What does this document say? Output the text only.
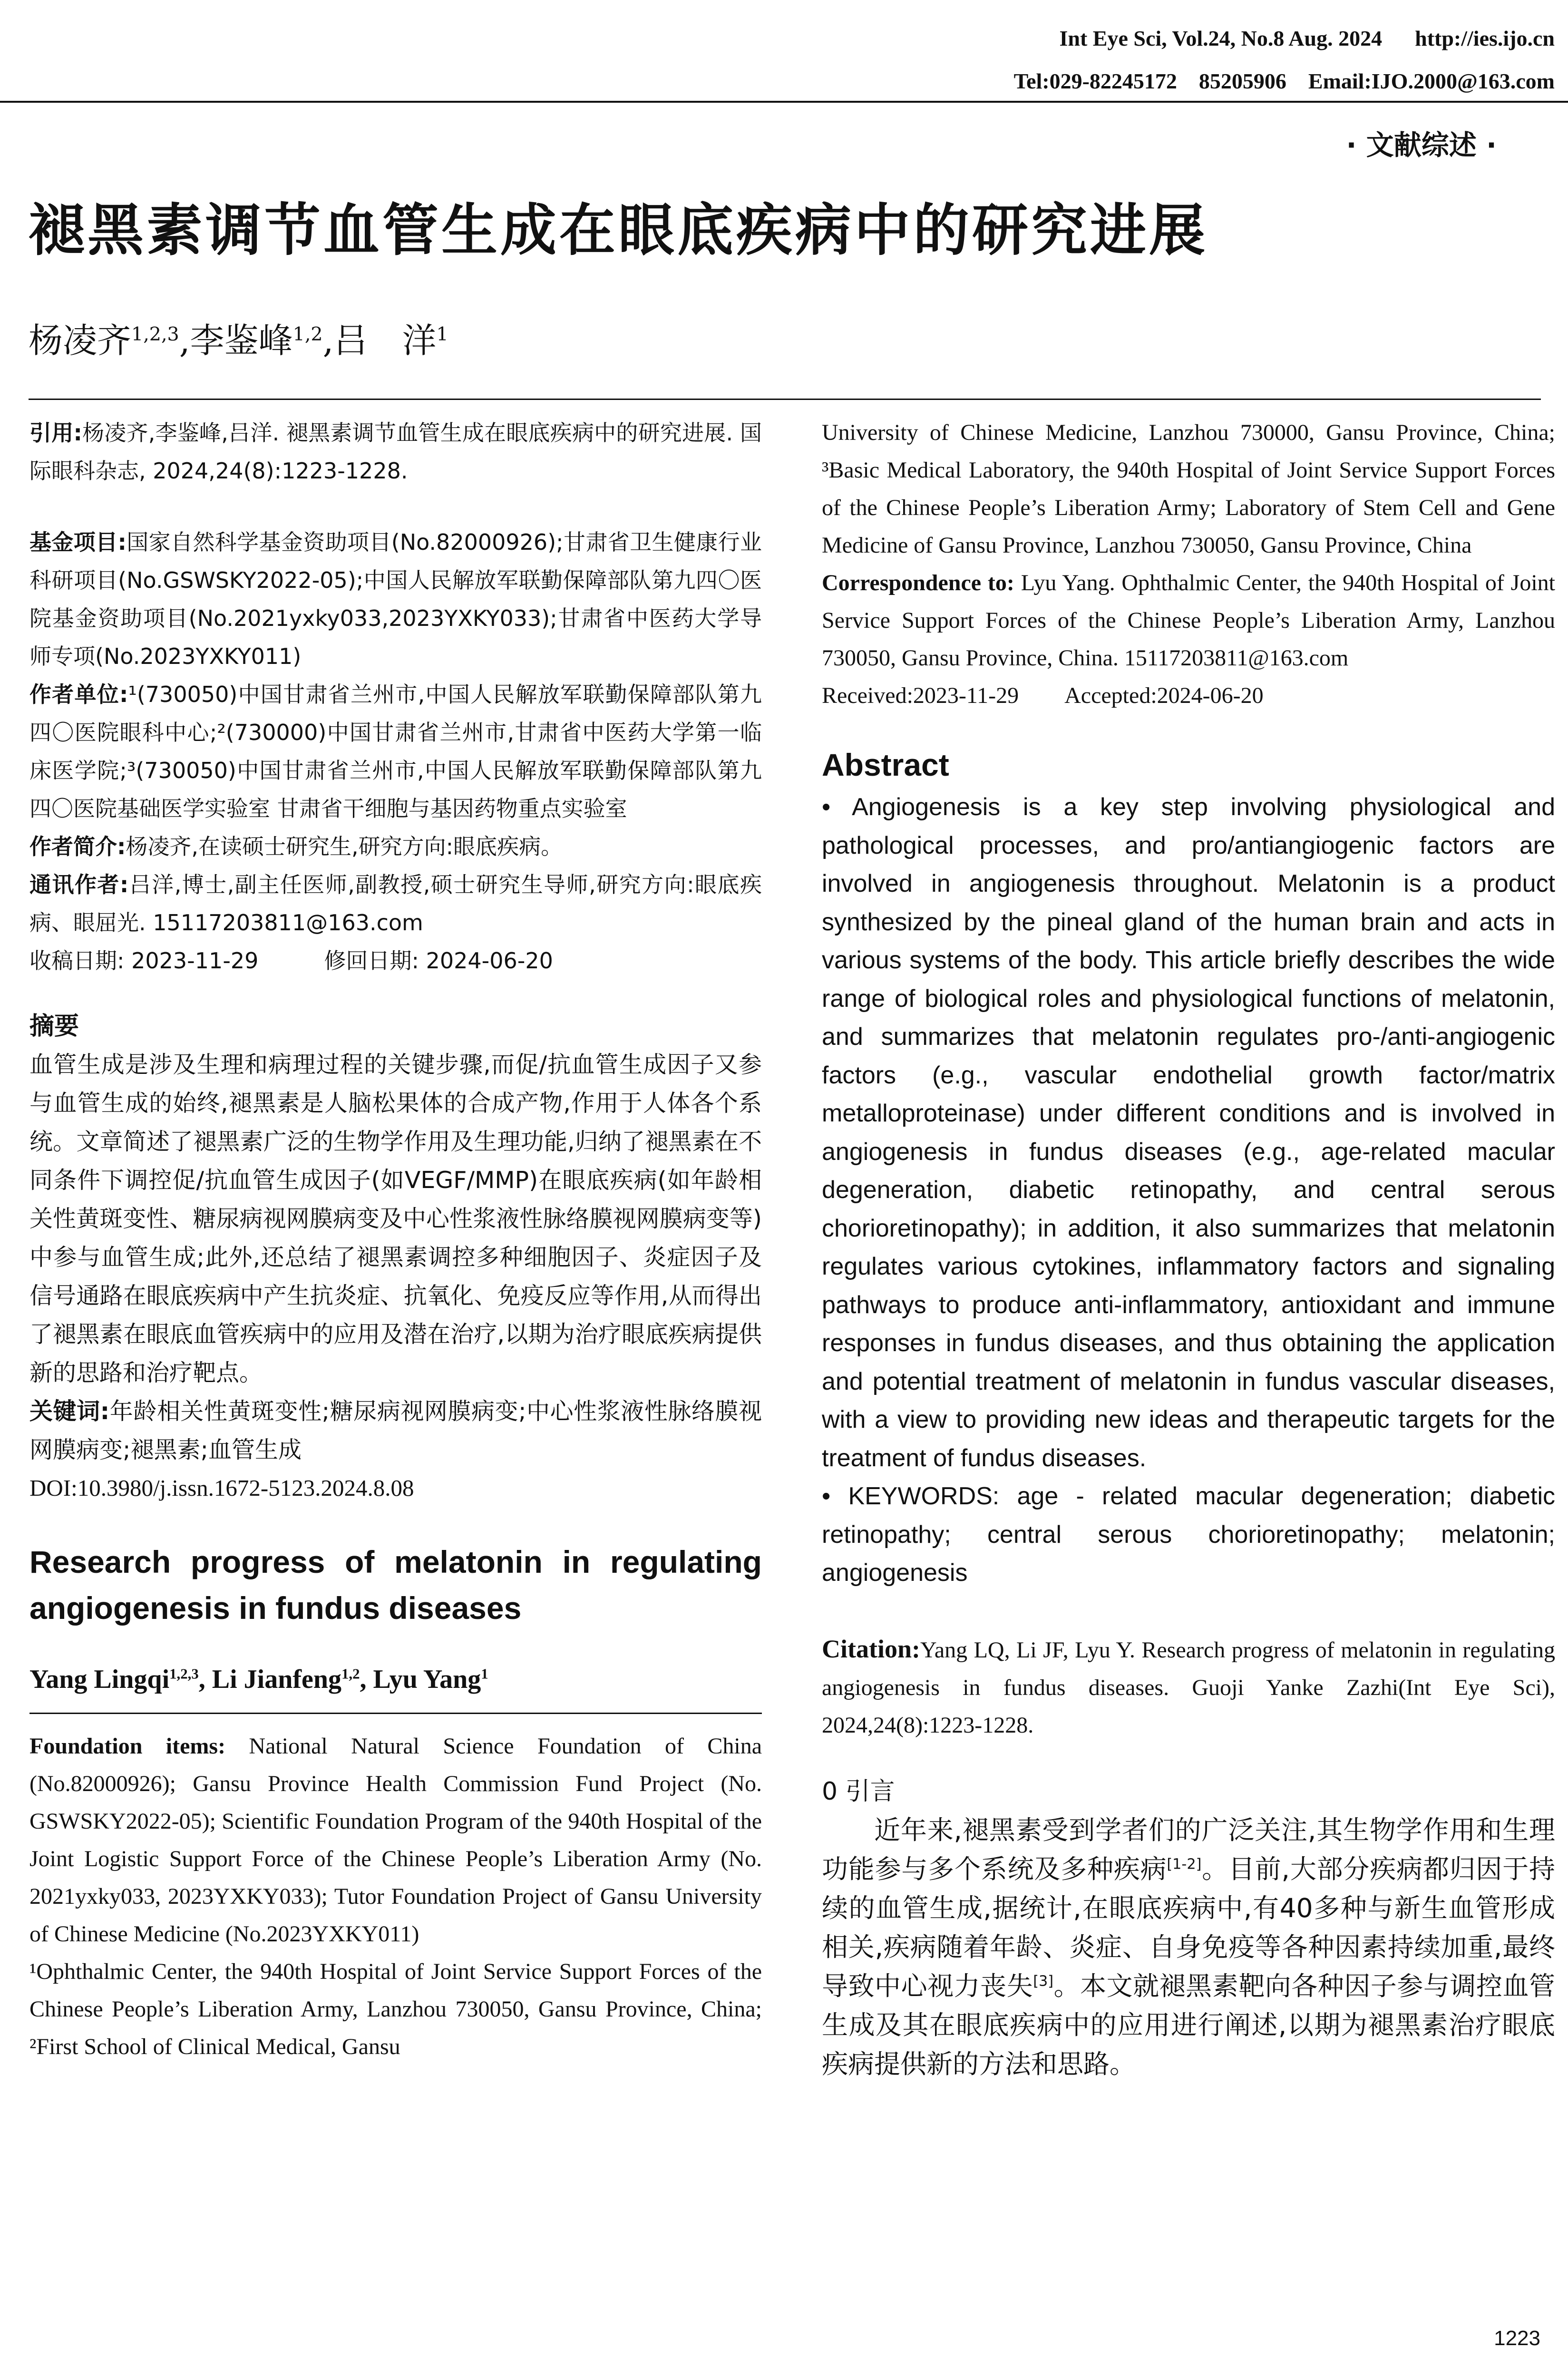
Int Eye Sci, Vol.24, No.8 Aug. 2024      http://ies.ijo.cn
Tel:029-82245172    85205906    Email:IJO.2000@163.com
· 文献综述 ·
褪黑素调节血管生成在眼底疾病中的研究进展
杨凌齐$^{1,2,3}$,李鉴峰$^{1,2}$,吕　洋$^1$

引用:杨凌齐,李鉴峰,吕洋. 褪黑素调节血管生成在眼底疾病中的研究进展. 国际眼科杂志, 2024,24(8):1223-1228.

基金项目:国家自然科学基金资助项目(No.82000926);甘肃省卫生健康行业科研项目(No.GSWSKY2022-05);中国人民解放军联勤保障部队第九四〇医院基金资助项目(No.2021yxky033,2023YXKY033);甘肃省中医药大学导师专项(No.2023YXKY011)

作者单位:¹(730050)中国甘肃省兰州市,中国人民解放军联勤保障部队第九四〇医院眼科中心;²(730000)中国甘肃省兰州市,甘肃省中医药大学第一临床医学院;³(730050)中国甘肃省兰州市,中国人民解放军联勤保障部队第九四〇医院基础医学实验室 甘肃省干细胞与基因药物重点实验室

作者简介:杨凌齐,在读硕士研究生,研究方向:眼底疾病。

通讯作者:吕洋,博士,副主任医师,副教授,硕士研究生导师,研究方向:眼底疾病、眼屈光. 15117203811@163.com

收稿日期: 2023-11-29　　　修回日期: 2024-06-20

摘要

血管生成是涉及生理和病理过程的关键步骤,而促/抗血管生成因子又参与血管生成的始终,褪黑素是人脑松果体的合成产物,作用于人体各个系统。文章简述了褪黑素广泛的生物学作用及生理功能,归纳了褪黑素在不同条件下调控促/抗血管生成因子(如VEGF/MMP)在眼底疾病(如年龄相关性黄斑变性、糖尿病视网膜病变及中心性浆液性脉络膜视网膜病变等)中参与血管生成;此外,还总结了褪黑素调控多种细胞因子、炎症因子及信号通路在眼底疾病中产生抗炎症、抗氧化、免疫反应等作用,从而得出了褪黑素在眼底血管疾病中的应用及潜在治疗,以期为治疗眼底疾病提供新的思路和治疗靶点。

关键词:年龄相关性黄斑变性;糖尿病视网膜病变;中心性浆液性脉络膜视网膜病变;褪黑素;血管生成

DOI:10.3980/j.issn.1672-5123.2024.8.08

Research progress of melatonin in regulating angiogenesis in fundus diseases

Yang Lingqi$^{1,2,3}$, Li Jianfeng$^{1,2}$, Lyu Yang$^1$

Foundation items: National Natural Science Foundation of China (No.82000926); Gansu Province Health Commission Fund Project (No. GSWSKY2022-05); Scientific Foundation Program of the 940th Hospital of the Joint Logistic Support Force of the Chinese People’s Liberation Army (No. 2021yxky033, 2023YXKY033); Tutor Foundation Project of Gansu University of Chinese Medicine (No.2023YXKY011)

¹Ophthalmic Center, the 940th Hospital of Joint Service Support Forces of the Chinese People’s Liberation Army, Lanzhou 730050, Gansu Province, China; ²First School of Clinical Medical, Gansu

University of Chinese Medicine, Lanzhou 730000, Gansu Province, China; ³Basic Medical Laboratory, the 940th Hospital of Joint Service Support Forces of the Chinese People’s Liberation Army; Laboratory of Stem Cell and Gene Medicine of Gansu Province, Lanzhou 730050, Gansu Province, China

Correspondence to: Lyu Yang. Ophthalmic Center, the 940th Hospital of Joint Service Support Forces of the Chinese People’s Liberation Army, Lanzhou 730050, Gansu Province, China. 15117203811@163.com

Received:2023-11-29　　Accepted:2024-06-20

Abstract

• Angiogenesis is a key step involving physiological and pathological processes, and pro/antiangiogenic factors are involved in angiogenesis throughout. Melatonin is a product synthesized by the pineal gland of the human brain and acts in various systems of the body. This article briefly describes the wide range of biological roles and physiological functions of melatonin, and summarizes that melatonin regulates pro-/anti-angiogenic factors (e.g., vascular endothelial growth factor/matrix metalloproteinase) under different conditions and is involved in angiogenesis in fundus diseases (e.g., age-related macular degeneration, diabetic retinopathy, and central serous chorioretinopathy); in addition, it also summarizes that melatonin regulates various cytokines, inflammatory factors and signaling pathways to produce anti-inflammatory, antioxidant and immune responses in fundus diseases, and thus obtaining the application and potential treatment of melatonin in fundus vascular diseases, with a view to providing new ideas and therapeutic targets for the treatment of fundus diseases.

• KEYWORDS: age - related macular degeneration; diabetic retinopathy; central serous chorioretinopathy; melatonin; angiogenesis

Citation:Yang LQ, Li JF, Lyu Y. Research progress of melatonin in regulating angiogenesis in fundus diseases. Guoji Yanke Zazhi(Int Eye Sci), 2024,24(8):1223-1228.

0 引言

近年来,褪黑素受到学者们的广泛关注,其生物学作用和生理功能参与多个系统及多种疾病[1-2]。目前,大部分疾病都归因于持续的血管生成,据统计,在眼底疾病中,有40多种与新生血管形成相关,疾病随着年龄、炎症、自身免疫等各种因素持续加重,最终导致中心视力丧失[3]。本文就褪黑素靶向各种因子参与调控血管生成及其在眼底疾病中的应用进行阐述,以期为褪黑素治疗眼底疾病提供新的方法和思路。

1223
